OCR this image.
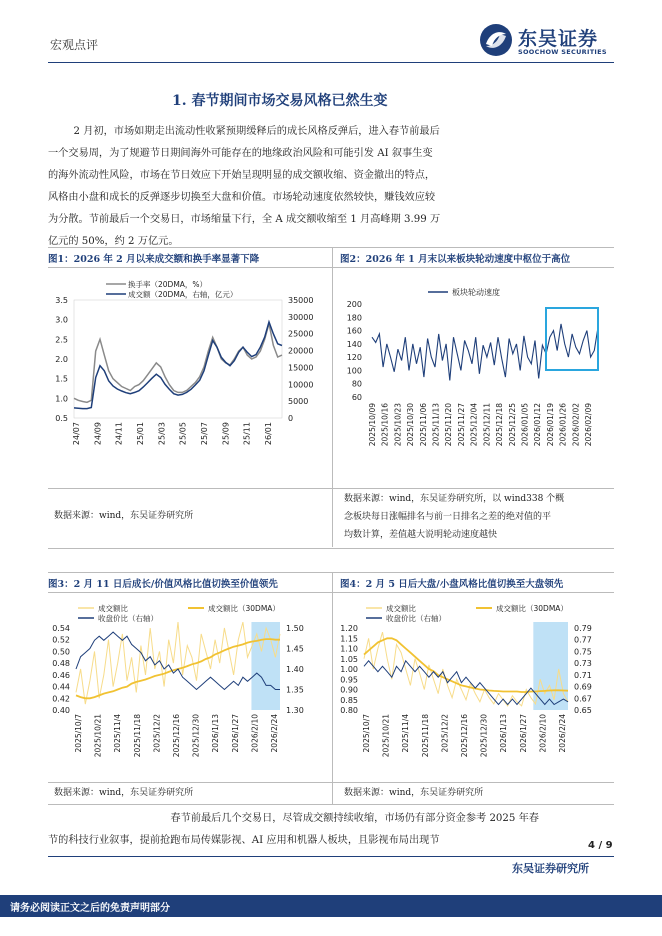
宏观点评	东吴证券
SOOCHOW SECURITIES
1. 春节期间市场交易风格已然生变
2 月初，市场如期走出流动性收紧预期缓释后的成长风格反弹后，进入春节前最后
一个交易周，为了规避节日期间海外可能存在的地缘政治风险和可能引发 AI 叙事生变
的海外流动性风险，市场在节日效应下开始呈现明显的成交额收缩、资金撤出的特点，
风格由小盘和成长的反弹逐步切换至大盘和价值。市场轮动速度依然较快，赚钱效应较
为分散。节前最后一个交易日，市场缩量下行，全 A 成交额收缩至 1 月高峰期 3.99 万
亿元的 50%，约 2 万亿元。
图1：2026 年 2 月以来成交额和换手率显著下降	图2：2026 年 1 月末以来板块轮动速度中枢位于高位
3.5
3.0
2.5
2.0
1.5
1.0
0.5
35000
30000
25000
20000
15000
10000
5000
0
24/07 24/09 24/11 25/01 25/03 25/05 25/07 25/09 25/11 26/01
换手率（20DMA，%）
成交额（20DMA，右轴，亿元）
200
180
160
140
120
100
80
60
2025/10/09 2025/10/16 2025/10/23 2025/10/30 2025/11/06 2025/11/13 2025/11/20 2025/11/27 2025/12/04 2025/12/11 2025/12/18 2025/12/25 2026/01/05 2026/01/12 2026/01/19 2026/01/26 2026/02/02 2026/02/09
板块轮动速度
数据来源：wind，东吴证券研究所
数据来源：wind，东吴证券研究所，以 wind338 个概
念板块每日涨幅排名与前一日排名之差的绝对值的平
均数计算，差值越大说明轮动速度越快
图3：2 月 11 日后成长/价值风格比值切换至价值领先	图4：2 月 5 日后大盘/小盘风格比值切换至大盘领先
0.54
0.52
0.50
0.48
0.46
0.44
0.42
0.40
1.50
1.45
1.40
1.35
1.30
2025/10/7 2025/10/21 2025/11/4 2025/11/18 2025/12/2 2025/12/16 2025/12/30 2026/1/13 2026/1/27 2026/2/10 2026/2/24
成交额比
收盘价比（右轴）
成交额比（30DMA）
1.20
1.15
1.10
1.05
1.00
0.95
0.90
0.85
0.80
0.79
0.77
0.75
0.73
0.71
0.69
0.67
0.65
2025/10/7 2025/10/21 2025/11/4 2025/11/18 2025/12/2 2025/12/16 2025/12/30 2026/1/13 2026/1/27 2026/2/10 2026/2/24
成交额比
收盘价比（右轴）
成交额比（30DMA）
数据来源：wind，东吴证券研究所	数据来源：wind，东吴证券研究所
春节前最后几个交易日，尽管成交额持续收缩，市场仍有部分资金参考 2025 年春
节的科技行业叙事，提前抢跑布局传媒影视、AI 应用和机器人板块，且影视布局出现节	4 / 9
东吴证券研究所
请务必阅读正文之后的免责声明部分
